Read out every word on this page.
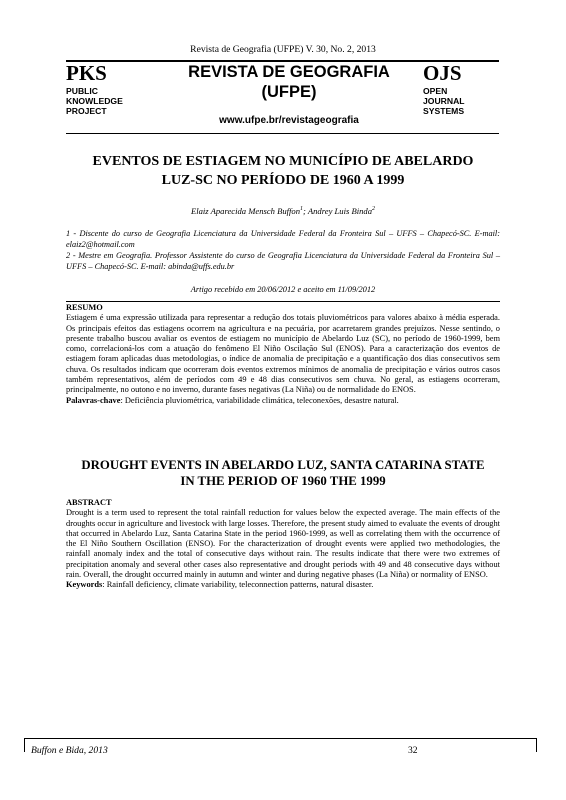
Revista de Geografia (UFPE) V. 30, No. 2, 2013
PKS
PUBLIC
KNOWLEDGE
PROJECT
REVISTA DE GEOGRAFIA
(UFPE)
www.ufpe.br/revistageografia
OJS
OPEN
JOURNAL
SYSTEMS
EVENTOS DE ESTIAGEM NO MUNICÍPIO DE ABELARDO
LUZ-SC NO PERÍODO DE 1960 A 1999
Elaiz Aparecida Mensch Buffon$^1$; Andrey Luis Binda$^2$
1 - Discente do curso de Geografia Licenciatura da Universidade Federal da Fronteira Sul – UFFS – Chapecó-SC. E-mail: elaiz2@hotmail.com
2 - Mestre em Geografia. Professor Assistente do curso de Geografia Licenciatura da Universidade Federal da Fronteira Sul – UFFS – Chapecó-SC. E-mail: abinda@uffs.edu.br
Artigo recebido em 20/06/2012 e aceito em 11/09/2012
RESUMO
Estiagem é uma expressão utilizada para representar a redução dos totais pluviométricos para valores abaixo à média esperada. Os principais efeitos das estiagens ocorrem na agricultura e na pecuária, por acarretarem grandes prejuízos. Nesse sentindo, o presente trabalho buscou avaliar os eventos de estiagem no município de Abelardo Luz (SC), no período de 1960-1999, bem como, correlacioná-los com a atuação do fenômeno El Niño Oscilação Sul (ENOS). Para a caracterização dos eventos de estiagem foram aplicadas duas metodologias, o índice de anomalia de precipitação e a quantificação dos dias consecutivos sem chuva. Os resultados indicam que ocorreram dois eventos extremos mínimos de anomalia de precipitação e vários outros casos também representativos, além de períodos com 49 e 48 dias consecutivos sem chuva. No geral, as estiagens ocorreram, principalmente, no outono e no inverno, durante fases negativas (La Niña) ou de normalidade do ENOS.
Palavras-chave: Deficiência pluviométrica, variabilidade climática, teleconexões, desastre natural.
DROUGHT EVENTS IN ABELARDO LUZ, SANTA CATARINA STATE
IN THE PERIOD OF 1960 THE 1999
ABSTRACT
Drought is a term used to represent the total rainfall reduction for values below the expected average. The main effects of the droughts occur in agriculture and livestock with large losses. Therefore, the present study aimed to evaluate the events of drought that occurred in Abelardo Luz, Santa Catarina State in the period 1960-1999, as well as correlating them with the occurrence of the El Niño Southern Oscillation (ENSO). For the characterization of drought events were applied two methodologies, the rainfall anomaly index and the total of consecutive days without rain. The results indicate that there were two extremes of precipitation anomaly and several other cases also representative and drought periods with 49 and 48 consecutive days without rain. Overall, the drought occurred mainly in autumn and winter and during negative phases (La Niña) or normality of ENSO.
Keywords: Rainfall deficiency, climate variability, teleconnection patterns, natural disaster.
Buffon e Bida, 2013	32
